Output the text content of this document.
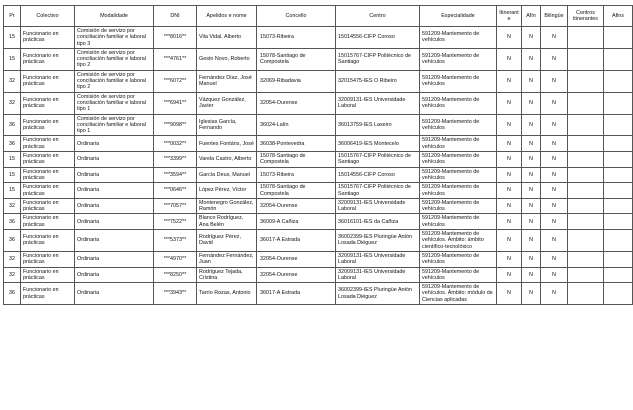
Pr	Colectivo	Modalidade	DNI	Apelidos e nome	Concello	Centro	Especialidade	Itinerante	Afín	Bilingüe	Centros itinerantes	Afins
15	Funcionario en prácticas	Comisión de servizo por conciliación familiar e laboral tipo 3	***8016**	Vila Vidal, Alberto	15073-Ribeira	15014556-CIFP Coroso	591209-Mantemento de vehículos	N	N	N		
15	Funcionario en prácticas	Comisión de servizo por conciliación familiar e laboral tipo 2	***4761**	Gesto Novo, Roberto	15078-Santiago de Compostela	15015767-CIFP Politécnico de Santiago	591209-Mantemento de vehículos	N	N	N		
32	Funcionario en prácticas	Comisión de servizo por conciliación familiar e laboral tipo 2	***6072**	Fernández Díaz, José Manuel	32069-Ribadavia	32015475-IES O Ribeiro	591209-Mantemento de vehículos	N	N	N		
32	Funcionario en prácticas	Comisión de servizo por conciliación familiar e laboral tipo 1	***6941**	Vázquez González, Javier	32054-Ourense	32009131-IES Universidade Laboral	591209-Mantemento de vehículos	N	N	N		
36	Funcionario en prácticas	Comisión de servizo por conciliación familiar e laboral tipo 1	***9098**	Iglesias García, Fernando	36024-Lalín	36013759-IES Laxeiro	591209-Mantemento de vehículos	N	N	N		
36	Funcionario en prácticas	Ordinaria	***0032**	Fuentes Fontáns, José	36038-Pontevedra	36006419-IES Montecelo	591209-Mantemento de vehículos	N	N	N		
15	Funcionario en prácticas	Ordinaria	***3399**	Varela Castro, Alberto	15078-Santiago de Compostela	15015767-CIFP Politécnico de Santiago	591209-Mantemento de vehículos	N	N	N		
15	Funcionario en prácticas	Ordinaria	***3594**	García Deus, Manuel	15073-Ribeira	15014556-CIFP Coroso	591209-Mantemento de vehículos	N	N	N		
15	Funcionario en prácticas	Ordinaria	***0646**	López Pérez, Víctor	15078-Santiago de Compostela	15015767-CIFP Politécnico de Santiago	591209-Mantemento de vehículos	N	N	N		
32	Funcionario en prácticas	Ordinaria	***7057**	Montenegro González, Ramón	32054-Ourense	32009131-IES Universidade Laboral	591209-Mantemento de vehículos	N	N	N		
36	Funcionario en prácticas	Ordinaria	***7522**	Blanco Rodríguez, Ana Belén	36009-A Cañiza	36016101-IES da Cañiza	591209-Mantemento de vehículos	N	N	N		
36	Funcionario en prácticas	Ordinaria	***5373**	Rodríguez Pérez, David	36017-A Estrada	36002399-IES Pluringüe Antón Losada Diéguez	591209-Mantemento de vehículos. Ámbito: ámbito científico-tecnolóxico	N	N	N		
32	Funcionario en prácticas	Ordinaria	***4970**	Fernández Fernández, Juan	32054-Ourense	32009131-IES Universidade Laboral	591209-Mantemento de vehículos	N	N	N		
32	Funcionario en prácticas	Ordinaria	***8250**	Rodríguez Tejada, Cristina	32054-Ourense	32009131-IES Universidade Laboral	591209-Mantemento de vehículos	N	N	N		
36	Funcionario en prácticas	Ordinaria	***3943**	Tarrío Rozas, Antonio	36017-A Estrada	36002399-IES Pluringüe Antón Losada Diéguez	591209-Mantemento de vehículos. Ámbito: módulo de Ciencias aplicadas	N	N	N		
